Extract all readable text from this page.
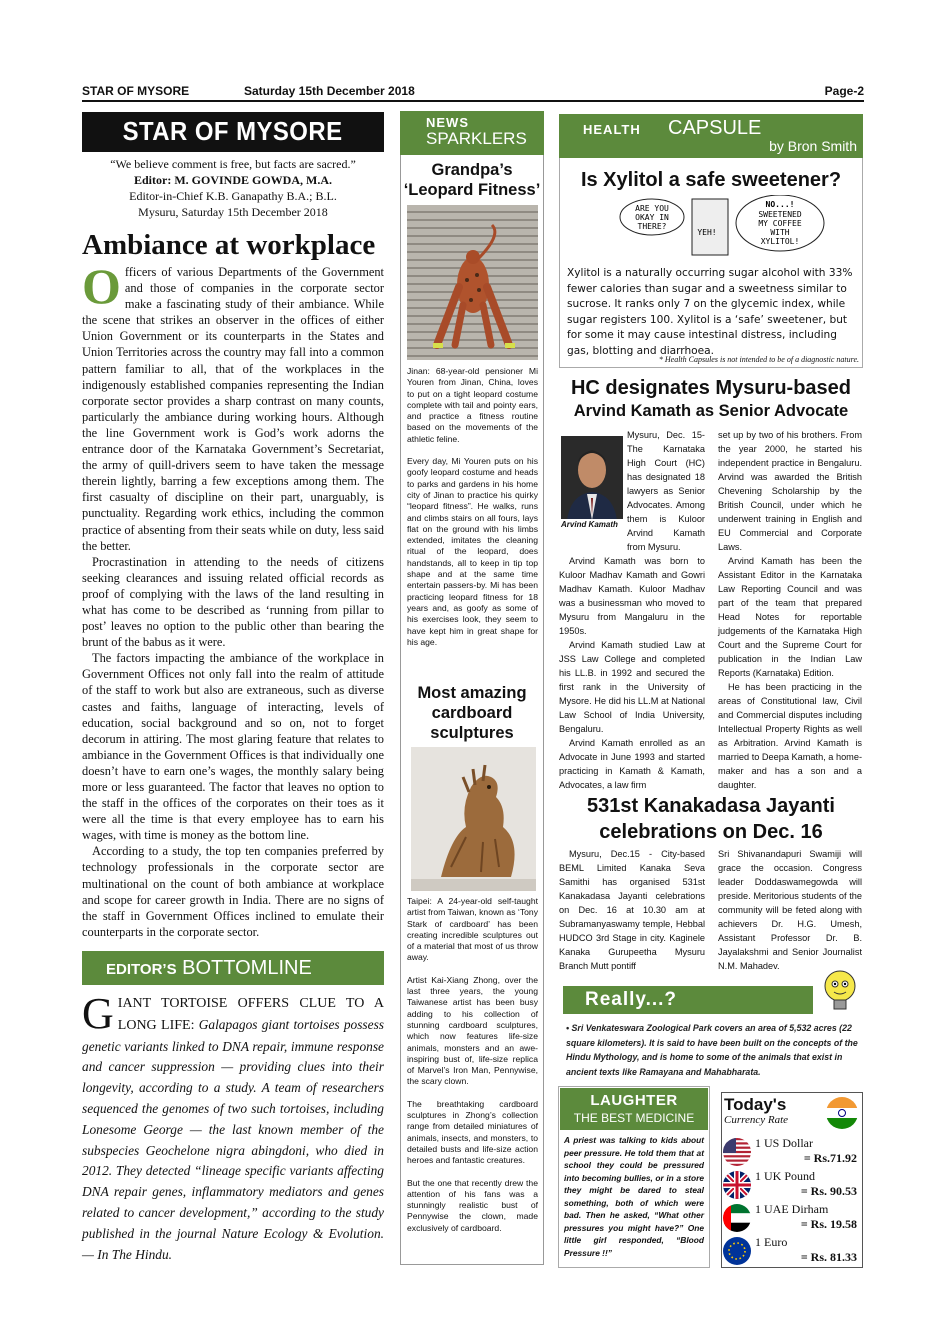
STAR OF MYSORE	Saturday 15th December 2018	Page-2
STAR OF MYSORE
“We believe comment is free, but facts are sacred.”
Editor: M. GOVINDE GOWDA, M.A.
Editor-in-Chief K.B. Ganapathy B.A.; B.L.
Mysuru, Saturday 15th December 2018
Ambiance at workplace

Officers of various Departments of the Government and those of companies in the corporate sector make a fascinating study of their ambiance. While the scene that strikes an observer in the offices of either Union Government or its counterparts in the States and Union Territories across the country may fall into a common pattern familiar to all, that of the workplaces in the indigenously established companies representing the Indian corporate sector provides a sharp contrast on many counts, particularly the ambiance during working hours. Although the line Government work is God’s work adorns the entrance door of the Karnataka Government’s Secretariat, the army of quill-drivers seem to have taken the message therein lightly, barring a few exceptions among them. The first casualty of discipline on their part, unarguably, is punctuality. Regarding work ethics, including the common practice of absenting from their seats while on duty, less said the better.

Procrastination in attending to the needs of citizens seeking clearances and issuing related official records as proof of complying with the laws of the land resulting in what has come to be described as ‘running from pillar to post’ leaves no option to the public other than bearing the brunt of the babus as it were.

The factors impacting the ambiance of the workplace in Government Offices not only fall into the realm of attitude of the staff to work but also are extraneous, such as diverse castes and faiths, language of interacting, levels of education, social background and so on, not to forget decorum in attiring. The most glaring feature that relates to ambiance in the Government Offices is that individually one doesn’t have to earn one’s wages, the monthly salary being more or less guaranteed. The factor that leaves no option to the staff in the offices of the corporates on their toes as it were all the time is that every employee has to earn his wages, with time is money as the bottom line.

According to a study, the top ten companies preferred by technology professionals in the corporate sector are multinational on the count of both ambiance at workplace and scope for career growth in India. There are no signs of the staff in Government Offices inclined to emulate their counterparts in the corporate sector.

EDITOR’S BOTTOMLINE
GIANT TORTOISE OFFERS CLUE TO A LONG LIFE: Galapagos giant tortoises possess genetic variants linked to DNA repair, immune response and cancer suppression — providing clues into their longevity, according to a study. A team of researchers sequenced the genomes of two such tortoises, including Lonesome George — the last known member of the subspecies Geochelone nigra abingdoni, who died in 2012. They detected “lineage specific variants affecting DNA repair genes, inflammatory mediators and genes related to cancer development,” according to the study published in the journal Nature Ecology & Evolution. — In The Hindu.
NEWS
SPARKLERS
Grandpa’s
‘Leopard Fitness’

Jinan: 68-year-old pensioner Mi Youren from Jinan, China, loves to put on a tight leopard costume complete with tail and pointy ears, and practice a fitness routine based on the movements of the athletic feline.

Every day, Mi Youren puts on his goofy leopard costume and heads to parks and gardens in his home city of Jinan to practice his quirky “leopard fitness”. He walks, runs and climbs stairs on all fours, lays flat on the ground with his limbs extended, imitates the cleaning ritual of the leopard, does handstands, all to keep in tip top shape and at the same time entertain passers-by. Mi has been practicing leopard fitness for 18 years and, as goofy as some of his exercises look, they seem to have kept him in great shape for his age.

Most amazing
cardboard
sculptures

Taipei: A 24-year-old self-taught artist from Taiwan, known as ‘Tony Stark of cardboard’ has been creating incredible sculptures out of a material that most of us throw away.

Artist Kai-Xiang Zhong, over the last three years, the young Taiwanese artist has been busy adding to his collection of stunning cardboard sculptures, which now features life-size animals, monsters and an awe-inspiring bust of, life-size replica of Marvel’s Iron Man, Pennywise, the scary clown.

The breathtaking cardboard sculptures in Zhong’s collection range from detailed miniatures of animals, insects, and monsters, to detailed busts and life-size action heroes and fantastic creatures.

But the one that recently drew the attention of his fans was a stunningly realistic bust of Pennywise the clown, made exclusively of cardboard.

HEALTH CAPSULE
by Bron Smith
Is Xylitol a safe sweetener?
ARE YOU
OKAY IN
THERE?
YEH!
NO...!
SWEETENED
MY COFFEE
WITH
XYLITOL!
Xylitol is a naturally occurring sugar alcohol with 33% fewer calories than sugar and a sweetness similar to sucrose. It ranks only 7 on the glycemic index, while sugar registers 100. Xylitol is a ‘safe’ sweetener, but for some it may cause intestinal distress, including gas, blotting and diarrhoea.
* Health Capsules is not intended to be of a diagnostic nature.
HC designates Mysuru-based
Arvind Kamath as Senior Advocate
Arvind Kamath

Mysuru, Dec. 15- The Karnataka High Court (HC) has designated 18 lawyers as Senior Advocates. Among them is Kuloor Arvind Kamath from Mysuru.

Arvind Kamath was born to Kuloor Madhav Kamath and Gowri Madhav Kamath. Kuloor Madhav was a businessman who moved to Mysuru from Mangaluru in the 1950s.

Arvind Kamath studied Law at JSS Law College and completed his LL.B. in 1992 and secured the first rank in the University of Mysore. He did his LL.M at National Law School of India University, Bengaluru.

Arvind Kamath enrolled as an Advocate in June 1993 and started practicing in Kamath & Kamath, Advocates, a law firm

set up by two of his brothers. From the year 2000, he started his independent practice in Bengaluru. Arvind was awarded the British Chevening Scholarship by the British Council, under which he underwent training in English and EU Commercial and Corporate Laws.

Arvind Kamath has been the Assistant Editor in the Karnataka Law Reporting Council and was part of the team that prepared Head Notes for reportable judgements of the Karnataka High Court and the Supreme Court for publication in the Indian Law Reports (Karnataka) Edition.

He has been practicing in the areas of Constitutional law, Civil and Commercial disputes including Intellectual Property Rights as well as Arbitration. Arvind Kamath is married to Deepa Kamath, a home-maker and has a son and a daughter.

531st Kanakadasa Jayanti
celebrations on Dec. 16

Mysuru, Dec.15 - City-based BEML Limited Kanaka Seva Samithi has organised 531st Kanakadasa Jayanti celebrations on Dec. 16 at 10.30 am at Subramanyaswamy temple, Hebbal HUDCO 3rd Stage in city. Kaginele Kanaka Gurupeetha Mysuru Branch Mutt pontiff

Sri Shivanandapuri Swamiji will grace the occasion. Congress leader Doddaswamegowda will preside. Meritorious students of the community will be feted along with achievers Dr. H.G. Umesh, Assistant Professor Dr. B. Jayalakshmi and Senior Journalist N.M. Mahadev.

Really...?
• Sri Venkateswara Zoological Park covers an area of 5,532 acres (22 square kilometers). It is said to have been built on the concepts of the Hindu Mythology, and is home to some of the animals that exist in ancient texts like Ramayana and Mahabharata.
LAUGHTER
THE BEST MEDICINE
A priest was talking to kids about peer pressure. He told them that at school they could be pressured into becoming bullies, or in a store they might be dared to steal something, both of which were bad. Then he asked, “What other pressures you might have?” One little girl responded, “Blood Pressure !!”
Today's
Currency Rate
1 US Dollar
= Rs.71.92
1 UK Pound
= Rs. 90.53
1 UAE Dirham
= Rs. 19.58
1 Euro
= Rs. 81.33
